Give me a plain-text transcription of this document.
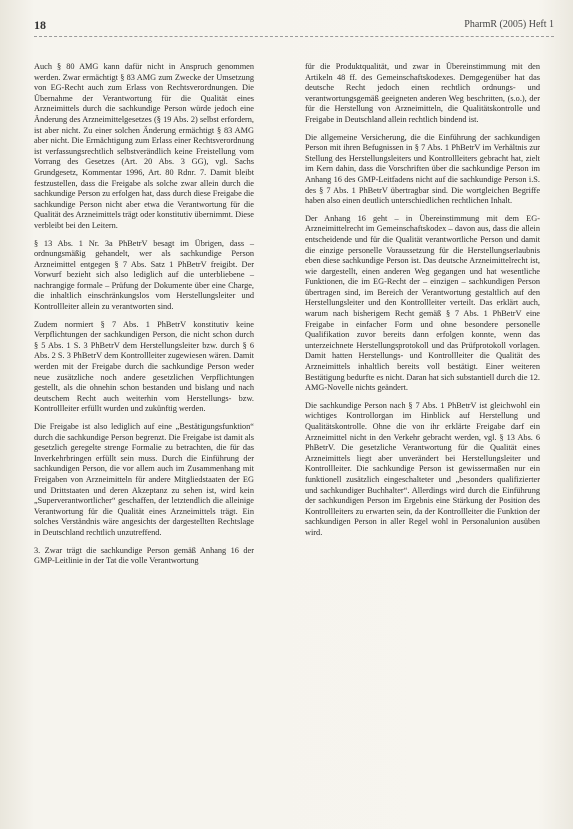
18	PharmR (2005) Heft 1

Auch § 80 AMG kann dafür nicht in Anspruch genommen werden. Zwar ermächtigt § 83 AMG zum Zwecke der Umsetzung von EG-Recht auch zum Erlass von Rechtsverordnungen. Die Übernahme der Verantwortung für die Qualität eines Arzneimittels durch die sachkundige Person würde jedoch eine Änderung des Arzneimittelgesetzes (§ 19 Abs. 2) selbst erfordern, ist aber nicht. Zu einer solchen Änderung ermächtigt § 83 AMG aber nicht. Die Ermächtigung zum Erlass einer Rechtsverordnung ist verfassungsrechtlich selbstverändlich keine Freistellung vom Vorrang des Gesetzes (Art. 20 Abs. 3 GG), vgl. Sachs Grundgesetz, Kommentar 1996, Art. 80 Rdnr. 7. Damit bleibt festzustellen, dass die Freigabe als solche zwar allein durch die sachkundige Person zu erfolgen hat, dass durch diese Freigabe die sachkundige Person nicht aber etwa die Verantwortung für die Qualität des Arzneimittels trägt oder konstitutiv übernimmt. Diese verbleibt bei den Leitern.

§ 13 Abs. 1 Nr. 3a PhBetrV besagt im Übrigen, dass – ordnungsmäßig gehandelt, wer als sachkundige Person Arzneimittel entgegen § 7 Abs. Satz 1 PhBetrV freigibt. Der Vorwurf bezieht sich also lediglich auf die unterbliebene – nachrangige formale – Prüfung der Dokumente über eine Charge, die inhaltlich einschränkungslos vom Herstellungsleiter und Kontrollleiter allein zu verantworten sind.

Zudem normiert § 7 Abs. 1 PhBetrV konstitutiv keine Verpflichtungen der sachkundigen Person, die nicht schon durch § 5 Abs. 1 S. 3 PhBetrV dem Herstellungsleiter bzw. durch § 6 Abs. 2 S. 3 PhBetrV dem Kontrollleiter zugewiesen wären. Damit werden mit der Freigabe durch die sachkundige Person weder neue zusätzliche noch andere gesetzlichen Verpflichtungen gestellt, als die ohnehin schon bestanden und bislang und nach deutschem Recht auch weiterhin vom Herstellungs- bzw. Kontrollleiter erfüllt wurden und zukünftig werden.

Die Freigabe ist also lediglich auf eine „Bestätigungsfunktion“ durch die sachkundige Person begrenzt. Die Freigabe ist damit als gesetzlich geregelte strenge Formalie zu betrachten, die für das Inverkehrbringen erfüllt sein muss. Durch die Einführung der sachkundigen Person, die vor allem auch im Zusammenhang mit Freigaben von Arzneimitteln für andere Mitgliedstaaten der EG und Drittstaaten und deren Akzeptanz zu sehen ist, wird kein „Superverantwortlicher“ geschaffen, der letztendlich die alleinige Verantwortung für die Qualität eines Arzneimittels trägt. Ein solches Verständnis wäre angesichts der dargestellten Rechtslage in Deutschland rechtlich unzutreffend.

3. Zwar trägt die sachkundige Person gemäß Anhang 16 der GMP-Leitlinie in der Tat die volle Verantwortung

für die Produktqualität, und zwar in Übereinstimmung mit den Artikeln 48 ff. des Gemeinschaftskodexes. Demgegenüber hat das deutsche Recht jedoch einen rechtlich ordnungs- und verantwortungsgemäß geeigneten anderen Weg beschritten, (s.o.), der für die Herstellung von Arzneimitteln, die Qualitätskontrolle und Freigabe in Deutschland allein rechtlich bindend ist.

Die allgemeine Versicherung, die die Einführung der sachkundigen Person mit ihren Befugnissen in § 7 Abs. 1 PhBetrV im Verhältnis zur Stellung des Herstellungsleiters und Kontrollleiters gebracht hat, zielt im Kern dahin, dass die Vorschriften über die sachkundige Person im Anhang 16 des GMP-Leitfadens nicht auf die sachkundige Person i.S. des § 7 Abs. 1 PhBetrV übertragbar sind. Die wortgleichen Begriffe haben also einen deutlich unterschiedlichen rechtlichen Inhalt.

Der Anhang 16 geht – in Übereinstimmung mit dem EG-Arzneimittelrecht im Gemeinschaftskodex – davon aus, dass die allein entscheidende und für die Qualität verantwortliche Person und damit die einzige personelle Voraussetzung für die Herstellungserlaubnis eben diese sachkundige Person ist. Das deutsche Arzneimittelrecht ist, wie dargestellt, einen anderen Weg gegangen und hat wesentliche Funktionen, die im EG-Recht der – einzigen – sachkundigen Person übertragen sind, im Bereich der Verantwortung gestaltlich auf den Herstellungsleiter und den Kontrollleiter verteilt. Das erklärt auch, warum nach bisherigem Recht gemäß § 7 Abs. 1 PhBetrV eine Freigabe in einfacher Form und ohne besondere personelle Qualifikation zuvor bereits dann erfolgen konnte, wenn das unterzeichnete Herstellungsprotokoll und das Prüfprotokoll vorlagen. Damit hatten Herstellungs- und Kontrollleiter die Qualität des Arzneimittels inhaltlich bereits voll bestätigt. Einer weiteren Bestätigung bedurfte es nicht. Daran hat sich substantiell durch die 12. AMG-Novelle nichts geändert.

Die sachkundige Person nach § 7 Abs. 1 PhBetrV ist gleichwohl ein wichtiges Kontrollorgan im Hinblick auf Herstellung und Qualitätskontrolle. Ohne die von ihr erklärte Freigabe darf ein Arzneimittel nicht in den Verkehr gebracht werden, vgl. § 13 Abs. 6 PhBetrV. Die gesetzliche Verantwortung für die Qualität eines Arzneimittels liegt aber unverändert bei Herstellungsleiter und Kontrollleiter. Die sachkundige Person ist gewissermaßen nur ein funktionell zusätzlich eingeschalteter und „besonders qualifizierter und sachkundiger Buchhalter“. Allerdings wird durch die Einführung der sachkundigen Person im Ergebnis eine Stärkung der Position des Kontrollleiters zu erwarten sein, da der Kontrollleiter die Funktion der sachkundigen Person in aller Regel wohl in Personalunion ausüben wird.
